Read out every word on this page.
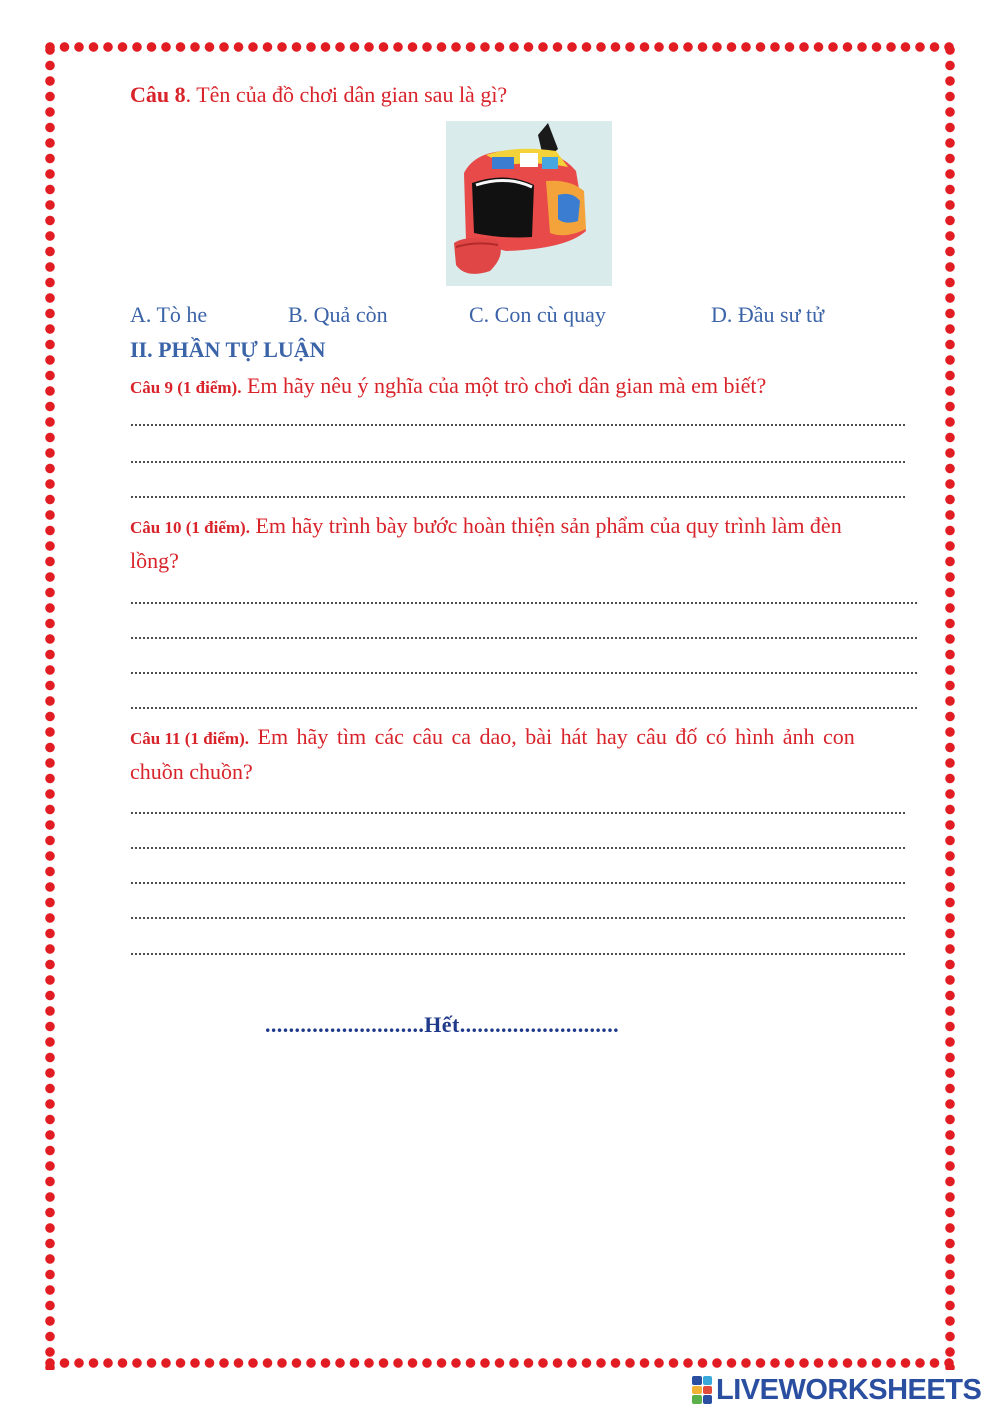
Câu 8. Tên của đồ chơi dân gian sau là gì?
A. Tò he	B. Quả còn	C. Con cù quay	D. Đầu sư tử
II. PHẦN TỰ LUẬN
Câu 9 (1 điểm). Em hãy nêu ý nghĩa của một trò chơi dân gian mà em biết?
Câu 10 (1 điểm). Em hãy trình bày bước hoàn thiện sản phẩm của quy trình làm đèn
lồng?
Câu 11 (1 điểm). Em hãy tìm các câu ca dao, bài hát hay câu đố có hình ảnh con
chuồn chuồn?
...........................Hết...........................
LIVEWORKSHEETS
